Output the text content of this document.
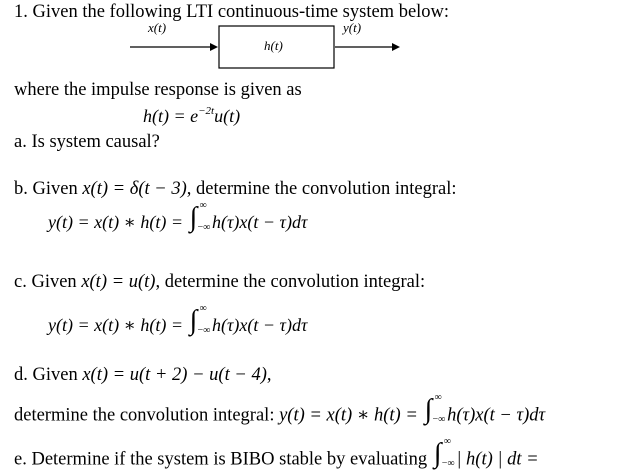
1. Given the following LTI continuous-time system below:
x(t)
h(t)
y(t)
where the impulse response is given as
$h(t) = e^{-2t}u(t)$
a. Is system causal?
b. Given x(t) = δ(t − 3), determine the convolution integral:
y(t) = x(t) ∗ h(t) = ∫ ∞
−∞ h(τ)x(t − τ)dτ
c. Given x(t) = u(t), determine the convolution integral:
y(t) = x(t) ∗ h(t) = ∫ ∞
−∞ h(τ)x(t − τ)dτ
d. Given x(t) = u(t + 2) − u(t − 4),
determine the convolution integral: y(t) = x(t) ∗ h(t) = ∫ ∞
−∞ h(τ)x(t − τ)dτ
e. Determine if the system is BIBO stable by evaluating ∫ ∞
−∞ | h(t) | dt =
